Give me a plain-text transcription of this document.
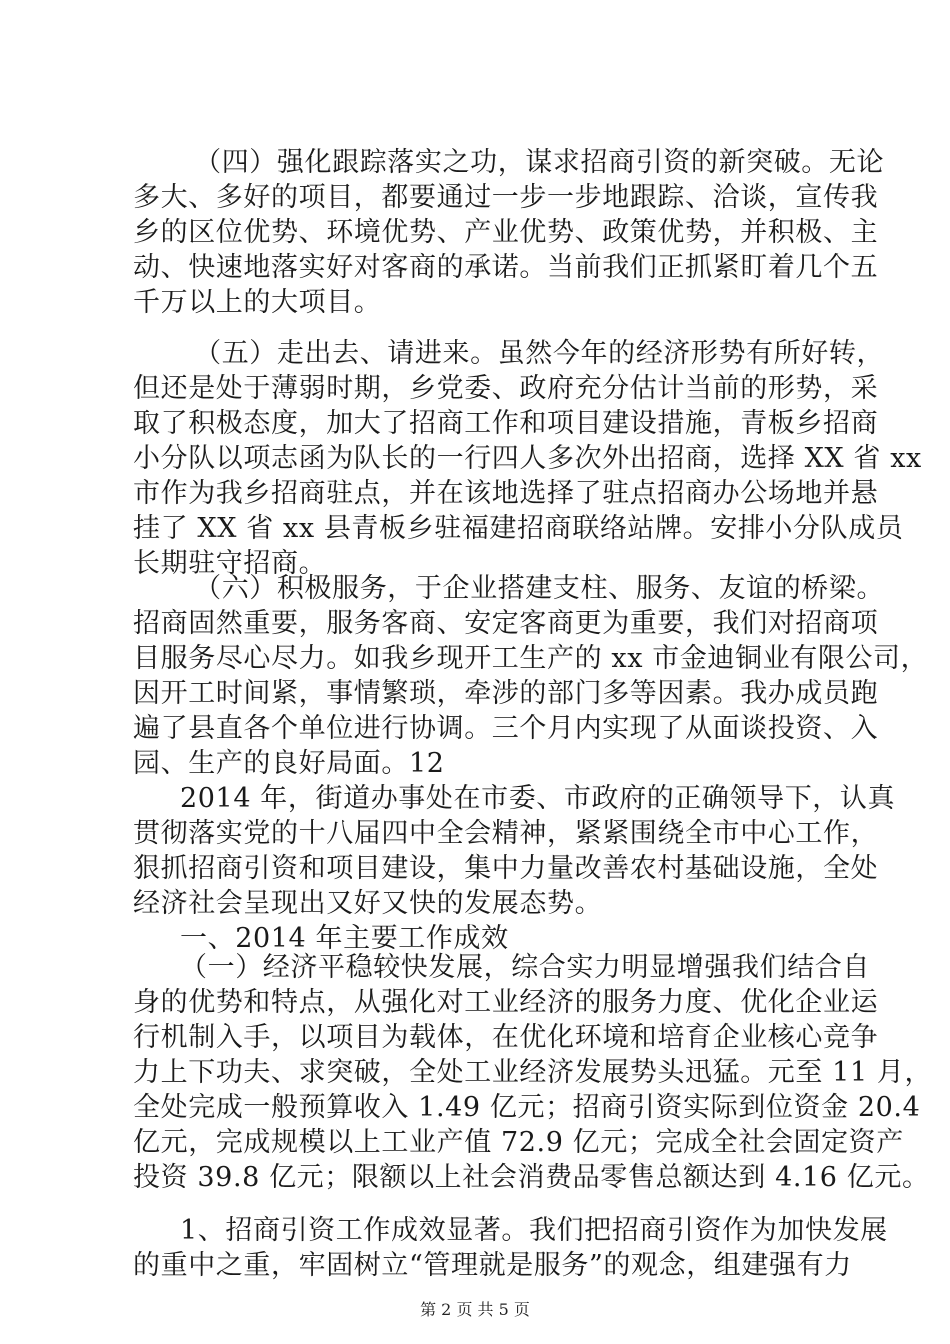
　（四）强化跟踪落实之功，谋求招商引资的新突破。无论
多大、多好的项目，都要通过一步一步地跟踪、洽谈，宣传我
乡的区位优势、环境优势、产业优势、政策优势，并积极、主
动、快速地落实好对客商的承诺。当前我们正抓紧盯着几个五
千万以上的大项目。
　（五）走出去、请进来。虽然今年的经济形势有所好转，
但还是处于薄弱时期，乡党委、政府充分估计当前的形势，采
取了积极态度，加大了招商工作和项目建设措施，青板乡招商
小分队以项志函为队长的一行四人多次外出招商，选择 XX 省 xx
市作为我乡招商驻点，并在该地选择了驻点招商办公场地并悬
挂了 XX 省 xx 县青板乡驻福建招商联络站牌。安排小分队成员
长期驻守招商。
　（六）积极服务，于企业搭建支柱、服务、友谊的桥梁。
招商固然重要，服务客商、安定客商更为重要，我们对招商项
目服务尽心尽力。如我乡现开工生产的 xx 市金迪铜业有限公司，
因开工时间紧，事情繁琐，牵涉的部门多等因素。我办成员跑
遍了县直各个单位进行协调。三个月内实现了从面谈投资、入
园、生产的良好局面。12
2014 年，街道办事处在市委、市政府的正确领导下，认真
贯彻落实党的十八届四中全会精神，紧紧围绕全市中心工作，
狠抓招商引资和项目建设，集中力量改善农村基础设施，全处
经济社会呈现出又好又快的发展态势。
一、2014 年主要工作成效
（一）经济平稳较快发展，综合实力明显增强我们结合自
身的优势和特点，从强化对工业经济的服务力度、优化企业运
行机制入手，以项目为载体，在优化环境和培育企业核心竞争
力上下功夫、求突破，全处工业经济发展势头迅猛。元至 11 月，
全处完成一般预算收入 1.49 亿元；招商引资实际到位资金 20.4
亿元，完成规模以上工业产值 72.9 亿元；完成全社会固定资产
投资 39.8 亿元；限额以上社会消费品零售总额达到 4.16 亿元。
1、招商引资工作成效显著。我们把招商引资作为加快发展
的重中之重，牢固树立“管理就是服务”的观念，组建强有力
第 2 页 共 5 页
